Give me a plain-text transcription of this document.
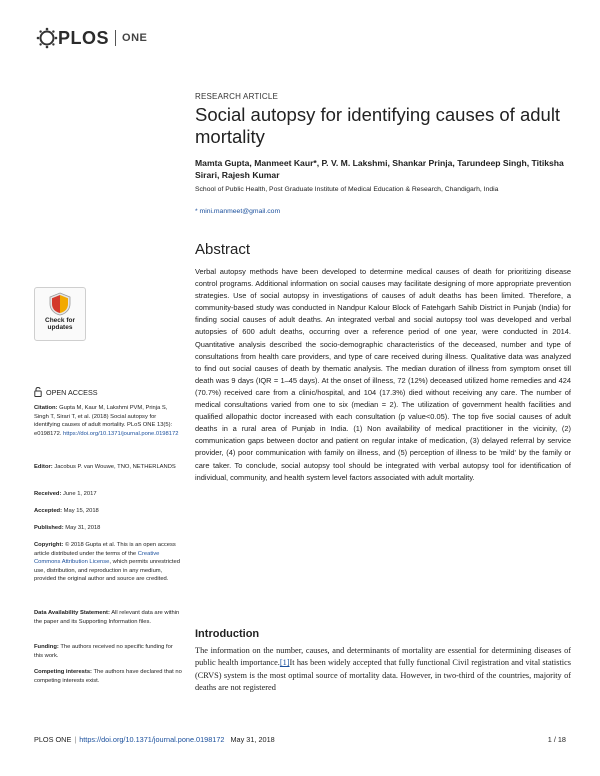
PLOS ONE
RESEARCH ARTICLE
Social autopsy for identifying causes of adult mortality
Mamta Gupta, Manmeet Kaur*, P. V. M. Lakshmi, Shankar Prinja, Tarundeep Singh, Titiksha Sirari, Rajesh Kumar
School of Public Health, Post Graduate Institute of Medical Education & Research, Chandigarh, India
* mini.manmeet@gmail.com
Abstract
Verbal autopsy methods have been developed to determine medical causes of death for prioritizing disease control programs. Additional information on social causes may facilitate designing of more appropriate prevention strategies. Use of social autopsy in investigations of causes of adult deaths has been limited. Therefore, a community-based study was conducted in Nandpur Kalour Block of Fatehgarh Sahib District in Punjab (India) for finding social causes of adult deaths. An integrated verbal and social autopsy tool was developed and verbal autopsies of 600 adult deaths, occurring over a reference period of one year, were conducted in 2014. Quantitative analysis described the socio-demographic characteristics of the deceased, number and type of consultations from health care providers, and type of care received during illness. Qualitative data was analyzed to find out social causes of death by thematic analysis. The median duration of illness from symptom onset till death was 9 days (IQR = 1–45 days). At the onset of illness, 72 (12%) deceased utilized home remedies and 424 (70.7%) received care from a clinic/hospital, and 104 (17.3%) died without receiving any care. The number of medical consultations varied from one to six (median = 2). The utilization of government health facilities and qualified allopathic doctor increased with each consultation (p value<0.05). The top five social causes of adult deaths in a rural area of Punjab in India. (1) Non availability of medical practitioner in the vicinity, (2) communication gaps between doctor and patient on regular intake of medication, (3) delayed referral by service provider, (4) poor communication with family on illness, and (5) perception of illness to be 'mild' by the family or care taker. To conclude, social autopsy tool should be integrated with verbal autopsy tool for identification of individual, community, and health system level factors associated with adult mortality.
Introduction
The information on the number, causes, and determinants of mortality are essential for determining diseases of public health importance.[1]It has been widely accepted that fully functional Civil registration and vital statistics (CRVS) system is the most optimal source of mortality data. However, in two-third of the countries, majority of deaths are not registered
Check for updates
OPEN ACCESS
Citation: Gupta M, Kaur M, Lakshmi PVM, Prinja S, Singh T, Sirari T, et al. (2018) Social autopsy for identifying causes of adult mortality. PLoS ONE 13(5): e0198172. https://doi.org/10.1371/journal.pone.0198172
Editor: Jacobus P. van Wouwe, TNO, NETHERLANDS
Received: June 1, 2017
Accepted: May 15, 2018
Published: May 31, 2018
Copyright: © 2018 Gupta et al. This is an open access article distributed under the terms of the Creative Commons Attribution License, which permits unrestricted use, distribution, and reproduction in any medium, provided the original author and source are credited.
Data Availability Statement: All relevant data are within the paper and its Supporting Information files.
Funding: The authors received no specific funding for this work.
Competing interests: The authors have declared that no competing interests exist.
PLOS ONE | https://doi.org/10.1371/journal.pone.0198172 May 31, 2018	1 / 18
